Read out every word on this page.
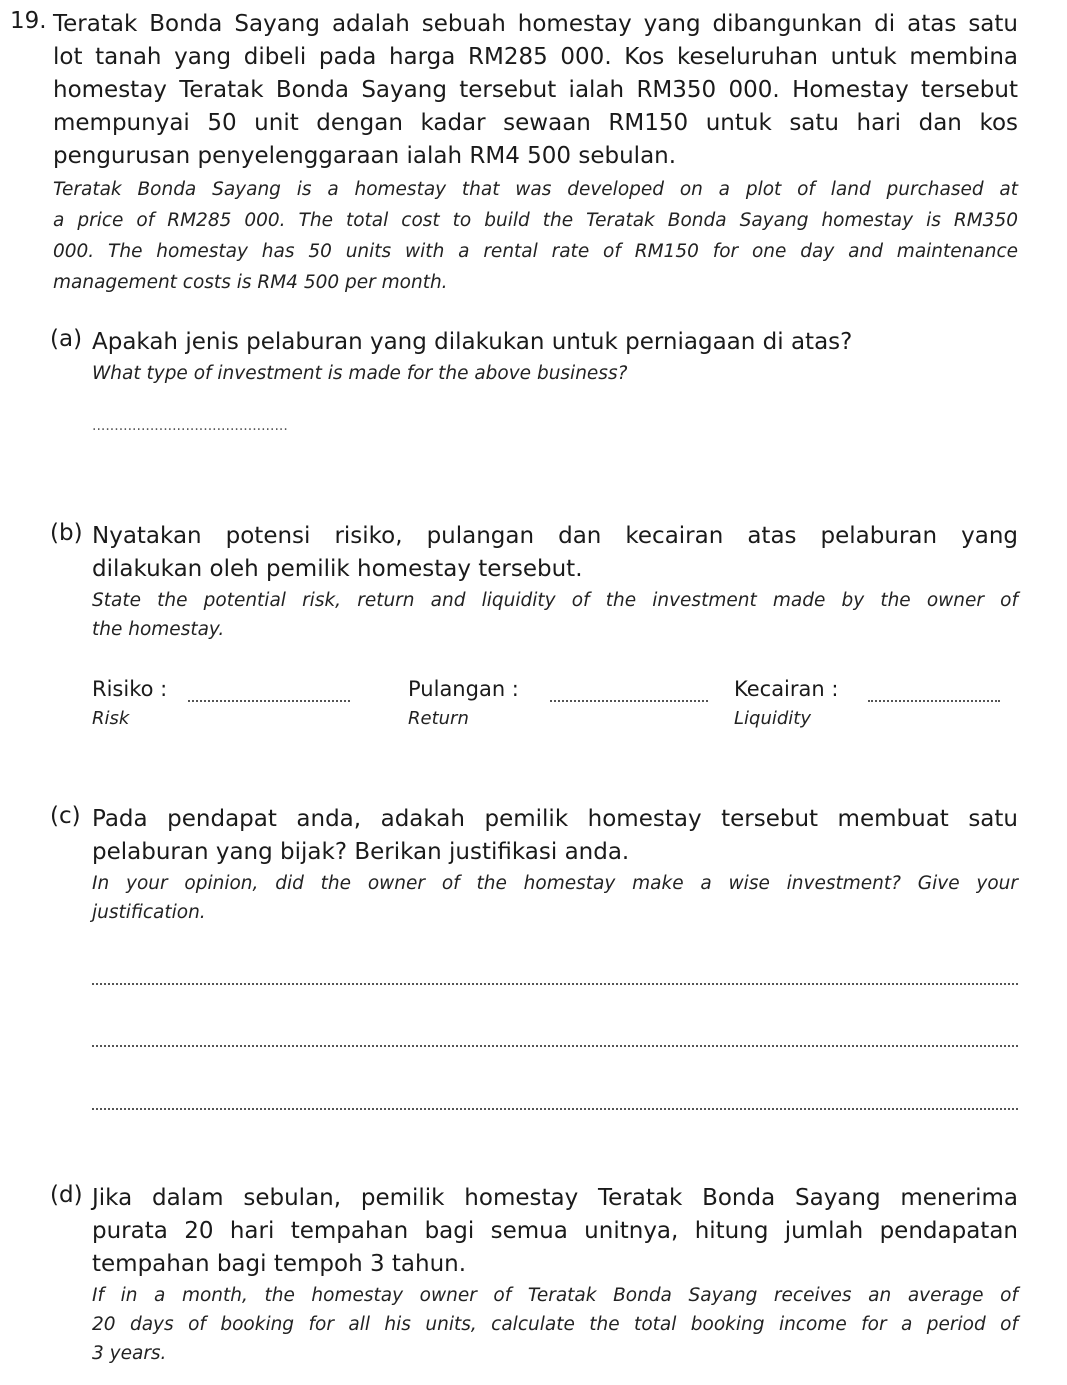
19. Teratak Bonda Sayang adalah sebuah homestay yang dibangunkan di atas satu
lot tanah yang dibeli pada harga RM285 000. Kos keseluruhan untuk membina
homestay Teratak Bonda Sayang tersebut ialah RM350 000. Homestay tersebut
mempunyai 50 unit dengan kadar sewaan RM150 untuk satu hari dan kos
pengurusan penyelenggaraan ialah RM4 500 sebulan.
Teratak Bonda Sayang is a homestay that was developed on a plot of land purchased at
a price of RM285 000. The total cost to build the Teratak Bonda Sayang homestay is RM350
000. The homestay has 50 units with a rental rate of RM150 for one day and maintenance
management costs is RM4 500 per month.
(a) Apakah jenis pelaburan yang dilakukan untuk perniagaan di atas?
What type of investment is made for the above business?
............................................
(b) Nyatakan potensi risiko, pulangan dan kecairan atas pelaburan yang
dilakukan oleh pemilik homestay tersebut.
State the potential risk, return and liquidity of the investment made by the owner of
the homestay.
Risiko :
Risk
Pulangan :
Return
Kecairan :
Liquidity
(c) Pada pendapat anda, adakah pemilik homestay tersebut membuat satu
pelaburan yang bijak? Berikan justifikasi anda.
In your opinion, did the owner of the homestay make a wise investment? Give your
justification.
(d) Jika dalam sebulan, pemilik homestay Teratak Bonda Sayang menerima
purata 20 hari tempahan bagi semua unitnya, hitung jumlah pendapatan
tempahan bagi tempoh 3 tahun.
If in a month, the homestay owner of Teratak Bonda Sayang receives an average of
20 days of booking for all his units, calculate the total booking income for a period of
3 years.
